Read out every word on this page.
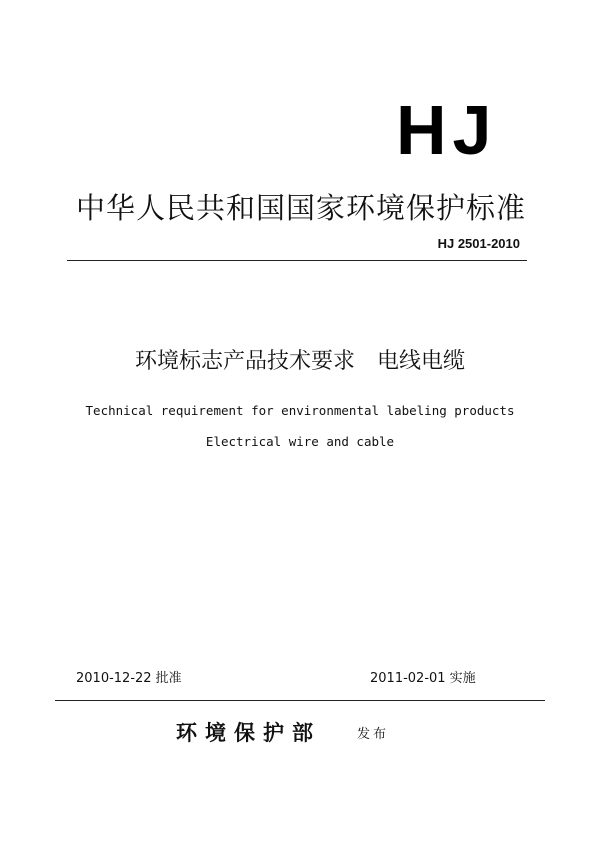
HJ
中华人民共和国国家环境保护标准
HJ 2501-2010
环境标志产品技术要求　电线电缆
Technical requirement for environmental labeling products
Electrical wire and cable
2010-12-22 批准	2011-02-01 实施
环境保护部	发布
